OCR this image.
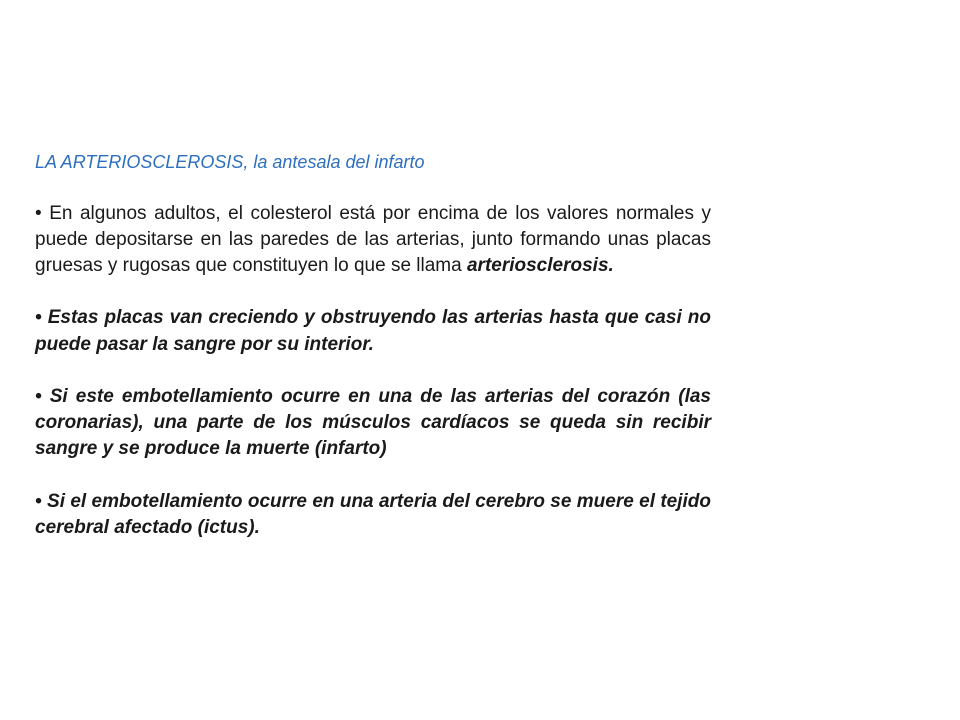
LA ARTERIOSCLEROSIS, la antesala del infarto
• En algunos adultos, el colesterol está por encima de los valores normales y puede depositarse en las paredes de las arterias, junto formando unas placas gruesas y rugosas que constituyen lo que se llama arteriosclerosis.
• Estas placas van creciendo y obstruyendo las arterias hasta que casi no puede pasar la sangre por su interior.
• Si este embotellamiento ocurre en una de las arterias del corazón (las coronarias), una parte de los músculos cardíacos se queda sin recibir sangre y se produce la muerte (infarto)
• Si el embotellamiento ocurre en una arteria del cerebro se muere el tejido cerebral afectado (ictus).
